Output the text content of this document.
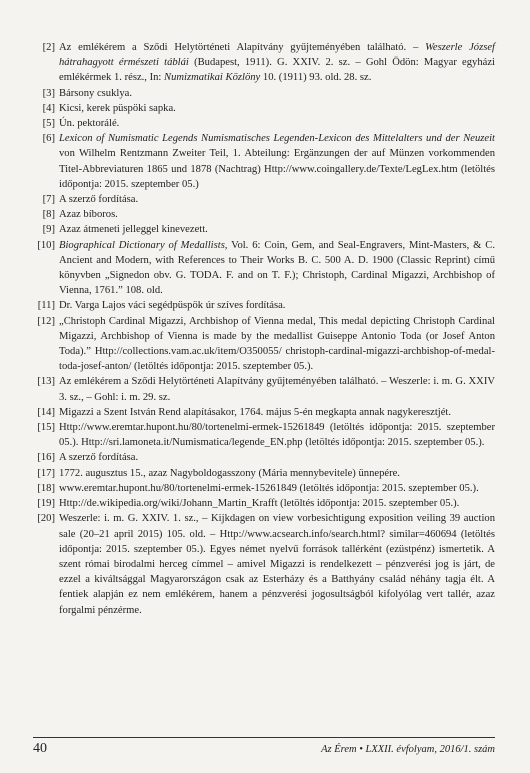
[2] Az emlékérem a Sződi Helytörténeti Alapítvány gyűjteményében található. – Weszerle József hátrahagyott érmészeti táblái (Budapest, 1911). G. XXIV. 2. sz. – Gohl Ödön: Magyar egyházi emlékérmek 1. rész., In: Numizmatikai Közlöny 10. (1911) 93. old. 28. sz.
[3] Bársony csuklya.
[4] Kicsi, kerek püspöki sapka.
[5] Ún. pektorálé.
[6] Lexicon of Numismatic Legends Numismatisches Legenden-Lexicon des Mittelalters und der Neuzeit von Wilhelm Rentzmann Zweiter Teil, 1. Abteilung: Ergänzungen der auf Münzen vorkommenden Titel-Abbreviaturen 1865 und 1878 (Nachtrag) Http://www.coingallery.de/Texte/LegLex.htm (letöltés időpontja: 2015. szeptember 05.)
[7] A szerző fordítása.
[8] Azaz bíboros.
[9] Azaz átmeneti jelleggel kinevezett.
[10] Biographical Dictionary of Medallists, Vol. 6: Coin, Gem, and Seal-Engravers, Mint-Masters, & C. Ancient and Modern, with References to Their Works B. C. 500 A. D. 1900 (Classic Reprint) című könyvben „Signedon obv. G. TODA. F. and on T. F.); Christoph, Cardinal Migazzi, Archbishop of Vienna, 1761.” 108. old.
[11] Dr. Varga Lajos váci segédpüspök úr szíves fordítása.
[12] „Christoph Cardinal Migazzi, Archbishop of Vienna medal, This medal depicting Christoph Cardinal Migazzi, Archbishop of Vienna is made by the medallist Guiseppe Antonio Toda (or Josef Anton Toda).” Http://collections.vam.ac.uk/item/O350055/ christoph-cardinal-migazzi-archbishop-of-medal-toda-josef-anton/ (letöltés időpontja: 2015. szeptember 05.).
[13] Az emlékérem a Sződi Helytörténeti Alapítvány gyűjteményében található. – Weszerle: i. m. G. XXIV 3. sz., – Gohl: i. m. 29. sz.
[14] Migazzi a Szent István Rend alapításakor, 1764. május 5-én megkapta annak nagykeresztjét.
[15] Http://www.eremtar.hupont.hu/80/tortenelmi-ermek-15261849 (letöltés időpontja: 2015. szeptember 05.). Http://sri.lamoneta.it/Numismatica/legende_EN.php (letöltés időpontja: 2015. szeptember 05.).
[16] A szerző fordítása.
[17] 1772. augusztus 15., azaz Nagyboldogasszony (Mária mennybevitele) ünnepére.
[18] www.eremtar.hupont.hu/80/tortenelmi-ermek-15261849 (letöltés időpontja: 2015. szeptember 05.).
[19] Http://de.wikipedia.org/wiki/Johann_Martin_Krafft (letöltés időpontja: 2015. szeptember 05.).
[20] Weszerle: i. m. G. XXIV. 1. sz., – Kijkdagen on view vorbesichtigung exposition veiling 39 auction sale (20–21 april 2015) 105. old. – Http://www.acsearch.info/search.html? similar=460694 (letöltés időpontja: 2015. szeptember 05.). Egyes német nyelvű források tallérként (ezüstpénz) ismertetik. A szent római birodalmi herceg címmel – amivel Migazzi is rendelkezett – pénzverési jog is járt, de ezzel a kiváltsággal Magyarországon csak az Esterházy és a Batthyány család néhány tagja élt. A fentiek alapján ez nem emlékérem, hanem a pénzverési jogosultságból kifolyólag vert tallér, azaz forgalmi pénzérme.
40	Az Érem • LXXII. évfolyam, 2016/1. szám
